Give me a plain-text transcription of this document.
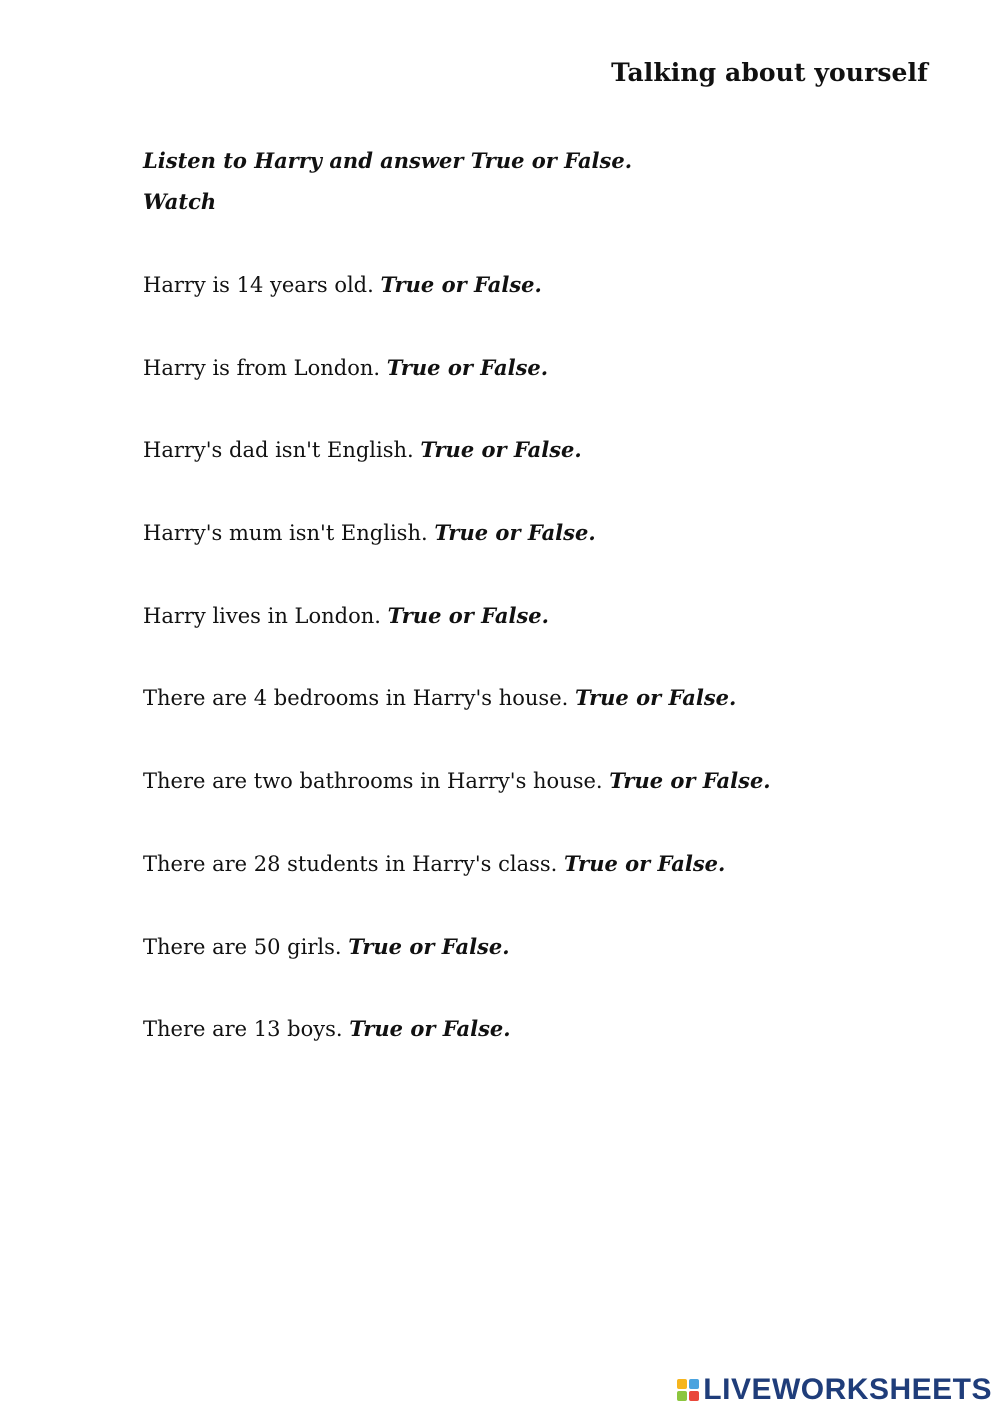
Talking about yourself
Listen to Harry and answer True or False.
Watch
Harry is 14 years old. True or False.
Harry is from London. True or False.
Harry's dad isn't English. True or False.
Harry's mum isn't English. True or False.
Harry lives in London. True or False.
There are 4 bedrooms in Harry's house. True or False.
There are two bathrooms in Harry's house. True or False.
There are 28 students in Harry's class. True or False.
There are 50 girls. True or False.
There are 13 boys. True or False.
LIVEWORKSHEETS
